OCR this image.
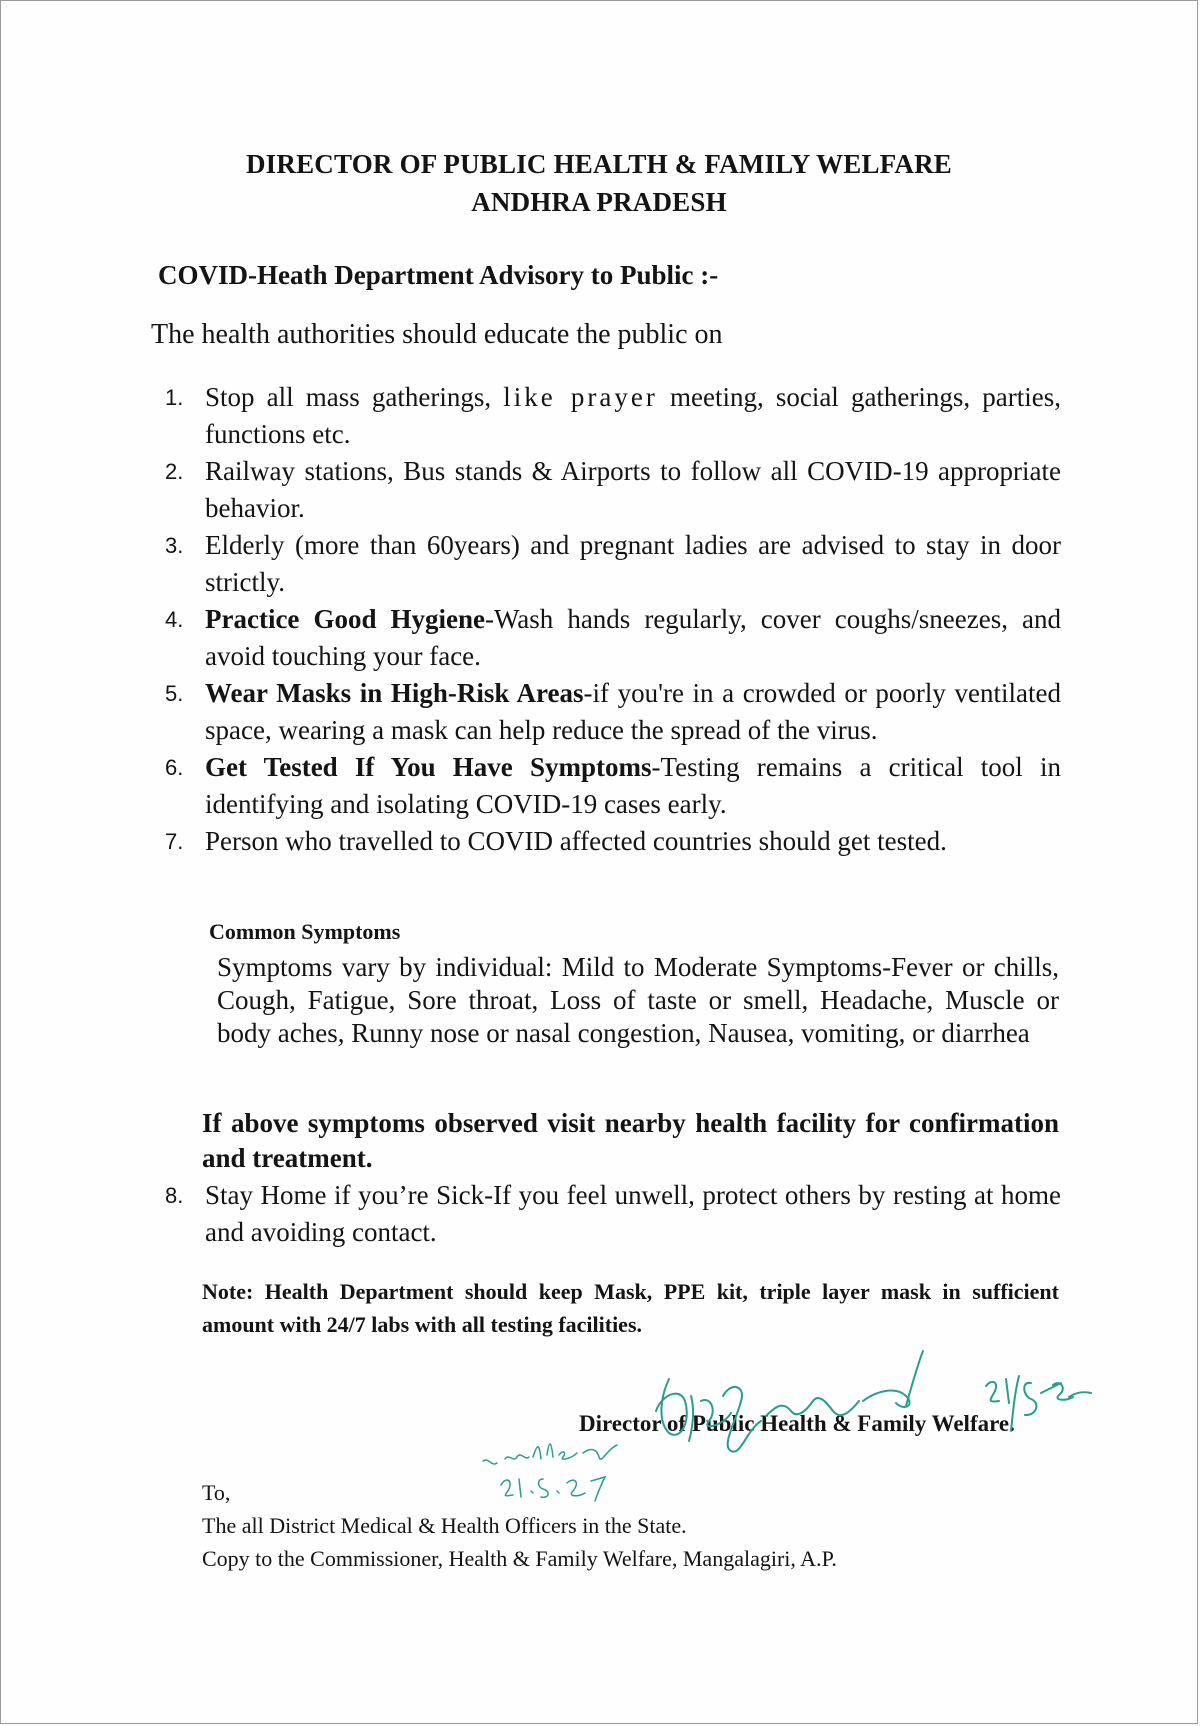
DIRECTOR OF PUBLIC HEALTH & FAMILY WELFARE
ANDHRA PRADESH
COVID-Heath Department Advisory to Public :-
The health authorities should educate the public on
1. Stop all mass gatherings, like prayer meeting, social gatherings, parties, functions etc.
2. Railway stations, Bus stands & Airports to follow all COVID-19 appropriate behavior.
3. Elderly (more than 60years) and pregnant ladies are advised to stay in door strictly.
4. Practice Good Hygiene-Wash hands regularly, cover coughs/sneezes, and avoid touching your face.
5. Wear Masks in High-Risk Areas-if you're in a crowded or poorly ventilated space, wearing a mask can help reduce the spread of the virus.
6. Get Tested If You Have Symptoms-Testing remains a critical tool in identifying and isolating COVID-19 cases early.
7. Person who travelled to COVID affected countries should get tested.
Common Symptoms
Symptoms vary by individual: Mild to Moderate Symptoms-Fever or chills, Cough, Fatigue, Sore throat, Loss of taste or smell, Headache, Muscle or body aches, Runny nose or nasal congestion, Nausea, vomiting, or diarrhea
If above symptoms observed visit nearby health facility for confirmation and treatment.
8. Stay Home if you’re Sick-If you feel unwell, protect others by resting at home and avoiding contact.
Note: Health Department should keep Mask, PPE kit, triple layer mask in sufficient amount with 24/7 labs with all testing facilities.
Director of Public Health & Family Welfare.
To,
The all District Medical & Health Officers in the State.
Copy to the Commissioner, Health & Family Welfare, Mangalagiri, A.P.
